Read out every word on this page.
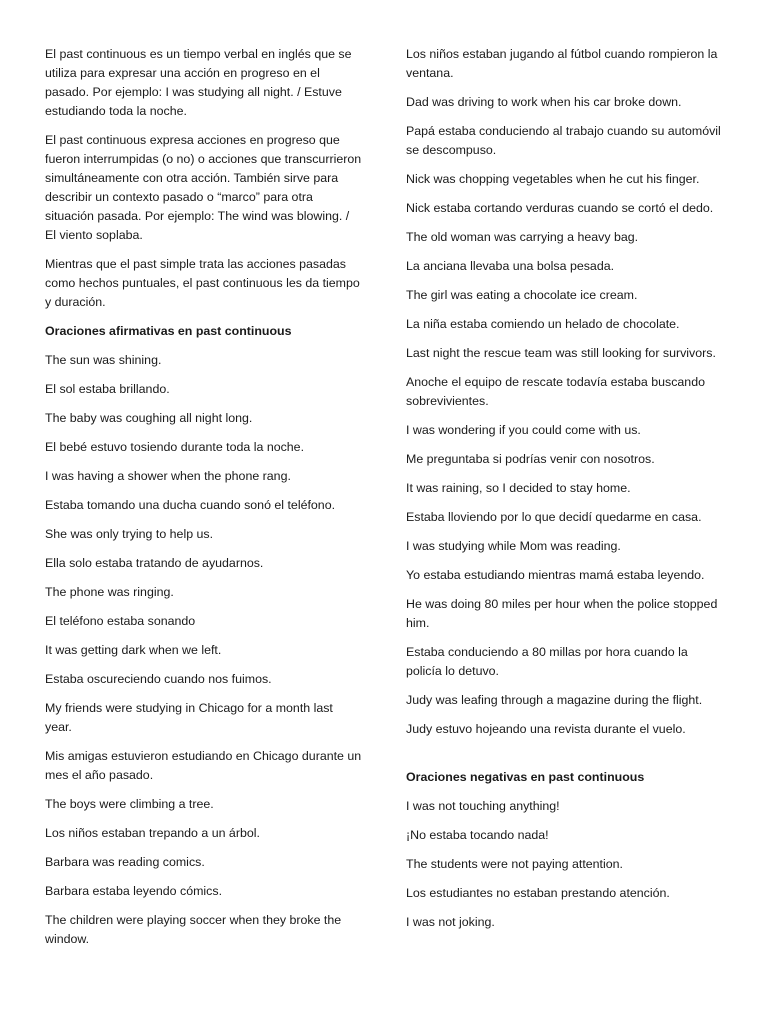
El past continuous es un tiempo verbal en inglés que se utiliza para expresar una acción en progreso en el pasado. Por ejemplo: I was studying all night. / Estuve estudiando toda la noche.

El past continuous expresa acciones en progreso que fueron interrumpidas (o no) o acciones que transcurrieron simultáneamente con otra acción. También sirve para describir un contexto pasado o “marco” para otra situación pasada. Por ejemplo: The wind was blowing. / El viento soplaba.

Mientras que el past simple trata las acciones pasadas como hechos puntuales, el past continuous les da tiempo y duración.

Oraciones afirmativas en past continuous

The sun was shining.

El sol estaba brillando.

The baby was coughing all night long.

El bebé estuvo tosiendo durante toda la noche.

I was having a shower when the phone rang.

Estaba tomando una ducha cuando sonó el teléfono.

She was only trying to help us.

Ella solo estaba tratando de ayudarnos.

The phone was ringing.

El teléfono estaba sonando

It was getting dark when we left.

Estaba oscureciendo cuando nos fuimos.

My friends were studying in Chicago for a month last year.

Mis amigas estuvieron estudiando en Chicago durante un mes el año pasado.

The boys were climbing a tree.

Los niños estaban trepando a un árbol.

Barbara was reading comics.

Barbara estaba leyendo cómics.

The children were playing soccer when they broke the window.

Los niños estaban jugando al fútbol cuando rompieron la ventana.

Dad was driving to work when his car broke down.

Papá estaba conduciendo al trabajo cuando su automóvil se descompuso.

Nick was chopping vegetables when he cut his finger.

Nick estaba cortando verduras cuando se cortó el dedo.

The old woman was carrying a heavy bag.

La anciana llevaba una bolsa pesada.

The girl was eating a chocolate ice cream.

La niña estaba comiendo un helado de chocolate.

Last night the rescue team was still looking for survivors.

Anoche el equipo de rescate todavía estaba buscando sobrevivientes.

I was wondering if you could come with us.

Me preguntaba si podrías venir con nosotros.

It was raining, so I decided to stay home.

Estaba lloviendo por lo que decidí quedarme en casa.

I was studying while Mom was reading.

Yo estaba estudiando mientras mamá estaba leyendo.

He was doing 80 miles per hour when the police stopped him.

Estaba conduciendo a 80 millas por hora cuando la policía lo detuvo.

Judy was leafing through a magazine during the flight.

Judy estuvo hojeando una revista durante el vuelo.

Oraciones negativas en past continuous

I was not touching anything!

¡No estaba tocando nada!

The students were not paying attention.

Los estudiantes no estaban prestando atención.

I was not joking.
